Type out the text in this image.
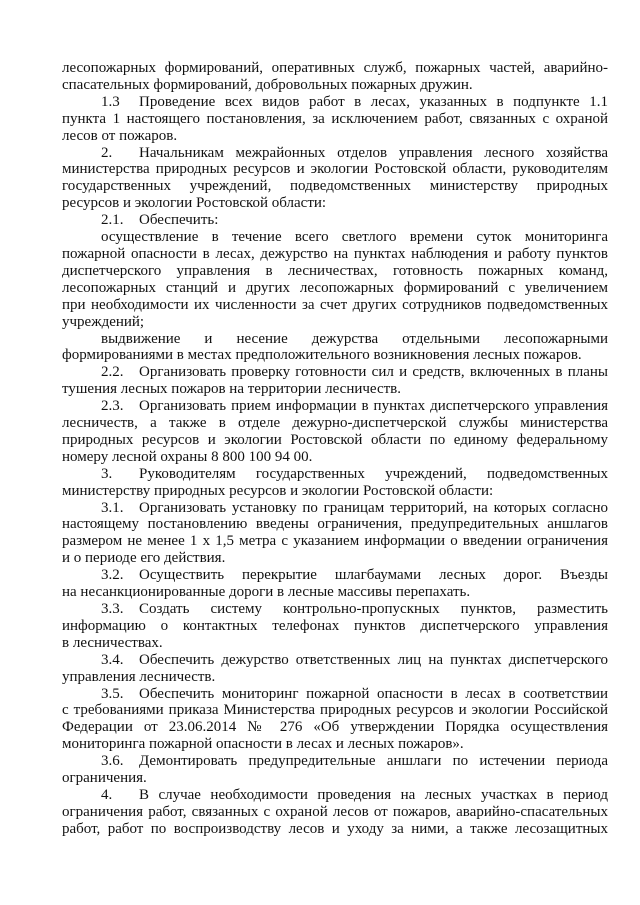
лесопожарных формирований, оперативных служб, пожарных частей, аварийно-
спасательных формирований, добровольных пожарных дружин.
1.3 Проведение всех видов работ в лесах, указанных в подпункте 1.1
пункта 1 настоящего постановления, за исключением работ, связанных с охраной
лесов от пожаров.
2. Начальникам межрайонных отделов управления лесного хозяйства
министерства природных ресурсов и экологии Ростовской области, руководителям
государственных учреждений, подведомственных министерству природных
ресурсов и экологии Ростовской области:
2.1. Обеспечить:
осуществление в течение всего светлого времени суток мониторинга
пожарной опасности в лесах, дежурство на пунктах наблюдения и работу пунктов
диспетчерского управления в лесничествах, готовность пожарных команд,
лесопожарных станций и других лесопожарных формирований с увеличением
при необходимости их численности за счет других сотрудников подведомственных
учреждений;
выдвижение и несение дежурства отдельными лесопожарными
формированиями в местах предположительного возникновения лесных пожаров.
2.2. Организовать проверку готовности сил и средств, включенных в планы
тушения лесных пожаров на территории лесничеств.
2.3. Организовать прием информации в пунктах диспетчерского управления
лесничеств, а также в отделе дежурно-диспетчерской службы министерства
природных ресурсов и экологии Ростовской области по единому федеральному
номеру лесной охраны 8 800 100 94 00.
3. Руководителям государственных учреждений, подведомственных
министерству природных ресурсов и экологии Ростовской области:
3.1. Организовать установку по границам территорий, на которых согласно
настоящему постановлению введены ограничения, предупредительных аншлагов
размером не менее 1 х 1,5 метра с указанием информации о введении ограничения
и о периоде его действия.
3.2. Осуществить перекрытие шлагбаумами лесных дорог. Въезды
на несанкционированные дороги в лесные массивы перепахать.
3.3. Создать систему контрольно-пропускных пунктов, разместить
информацию о контактных телефонах пунктов диспетчерского управления
в лесничествах.
3.4. Обеспечить дежурство ответственных лиц на пунктах диспетчерского
управления лесничеств.
3.5. Обеспечить мониторинг пожарной опасности в лесах в соответствии
с требованиями приказа Министерства природных ресурсов и экологии Российской
Федерации от 23.06.2014 № 276 «Об утверждении Порядка осуществления
мониторинга пожарной опасности в лесах и лесных пожаров».
3.6. Демонтировать предупредительные аншлаги по истечении периода
ограничения.
4. В случае необходимости проведения на лесных участках в период
ограничения работ, связанных с охраной лесов от пожаров, аварийно-спасательных
работ, работ по воспроизводству лесов и уходу за ними, а также лесозащитных
